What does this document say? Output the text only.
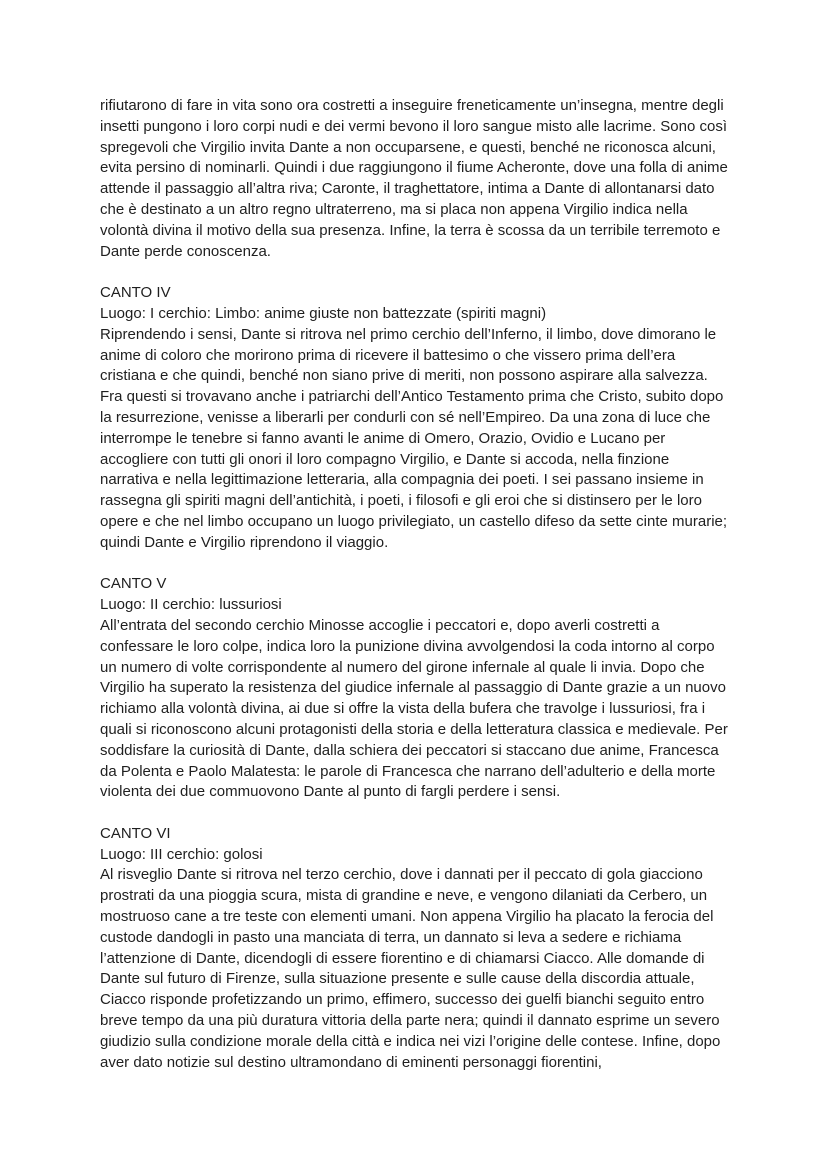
rifiutarono di fare in vita sono ora costretti a inseguire freneticamente un’insegna, mentre degli insetti pungono i loro corpi nudi e dei vermi bevono il loro sangue misto alle lacrime. Sono così spregevoli che Virgilio invita Dante a non occuparsene, e questi, benché ne riconosca alcuni, evita persino di nominarli. Quindi i due raggiungono il fiume Acheronte, dove una folla di anime attende il passaggio all’altra riva; Caronte, il traghettatore, intima a Dante di allontanarsi dato che è destinato a un altro regno ultraterreno, ma si placa non appena Virgilio indica nella volontà divina il motivo della sua presenza. Infine, la terra è scossa da un terribile terremoto e Dante perde conoscenza.

CANTO IV
Luogo: I cerchio: Limbo: anime giuste non battezzate (spiriti magni)

Riprendendo i sensi, Dante si ritrova nel primo cerchio dell’Inferno, il limbo, dove dimorano le anime di coloro che morirono prima di ricevere il battesimo o che vissero prima dell’era cristiana e che quindi, benché non siano prive di meriti, non possono aspirare alla salvezza. Fra questi si trovavano anche i patriarchi dell’Antico Testamento prima che Cristo, subito dopo la resurrezione, venisse a liberarli per condurli con sé nell’Empireo. Da una zona di luce che interrompe le tenebre si fanno avanti le anime di Omero, Orazio, Ovidio e Lucano per accogliere con tutti gli onori il loro compagno Virgilio, e Dante si accoda, nella finzione narrativa e nella legittimazione letteraria, alla compagnia dei poeti. I sei passano insieme in rassegna gli spiriti magni dell’antichità, i poeti, i filosofi e gli eroi che si distinsero per le loro opere e che nel limbo occupano un luogo privilegiato, un castello difeso da sette cinte murarie; quindi Dante e Virgilio riprendono il viaggio.

CANTO V
Luogo: II cerchio: lussuriosi

All’entrata del secondo cerchio Minosse accoglie i peccatori e, dopo averli costretti a confessare le loro colpe, indica loro la punizione divina avvolgendosi la coda intorno al corpo un numero di volte corrispondente al numero del girone infernale al quale li invia. Dopo che Virgilio ha superato la resistenza del giudice infernale al passaggio di Dante grazie a un nuovo richiamo alla volontà divina, ai due si offre la vista della bufera che travolge i lussuriosi, fra i quali si riconoscono alcuni protagonisti della storia e della letteratura classica e medievale. Per soddisfare la curiosità di Dante, dalla schiera dei peccatori si staccano due anime, Francesca da Polenta e Paolo Malatesta: le parole di Francesca che narrano dell’adulterio e della morte violenta dei due commuovono Dante al punto di fargli perdere i sensi.

CANTO VI
Luogo: III cerchio: golosi

Al risveglio Dante si ritrova nel terzo cerchio, dove i dannati per il peccato di gola giacciono prostrati da una pioggia scura, mista di grandine e neve, e vengono dilaniati da Cerbero, un mostruoso cane a tre teste con elementi umani. Non appena Virgilio ha placato la ferocia del custode dandogli in pasto una manciata di terra, un dannato si leva a sedere e richiama l’attenzione di Dante, dicendogli di essere fiorentino e di chiamarsi Ciacco. Alle domande di Dante sul futuro di Firenze, sulla situazione presente e sulle cause della discordia attuale, Ciacco risponde profetizzando un primo, effimero, successo dei guelfi bianchi seguito entro breve tempo da una più duratura vittoria della parte nera; quindi il dannato esprime un severo giudizio sulla condizione morale della città e indica nei vizi l’origine delle contese. Infine, dopo aver dato notizie sul destino ultramondano di eminenti personaggi fiorentini,
